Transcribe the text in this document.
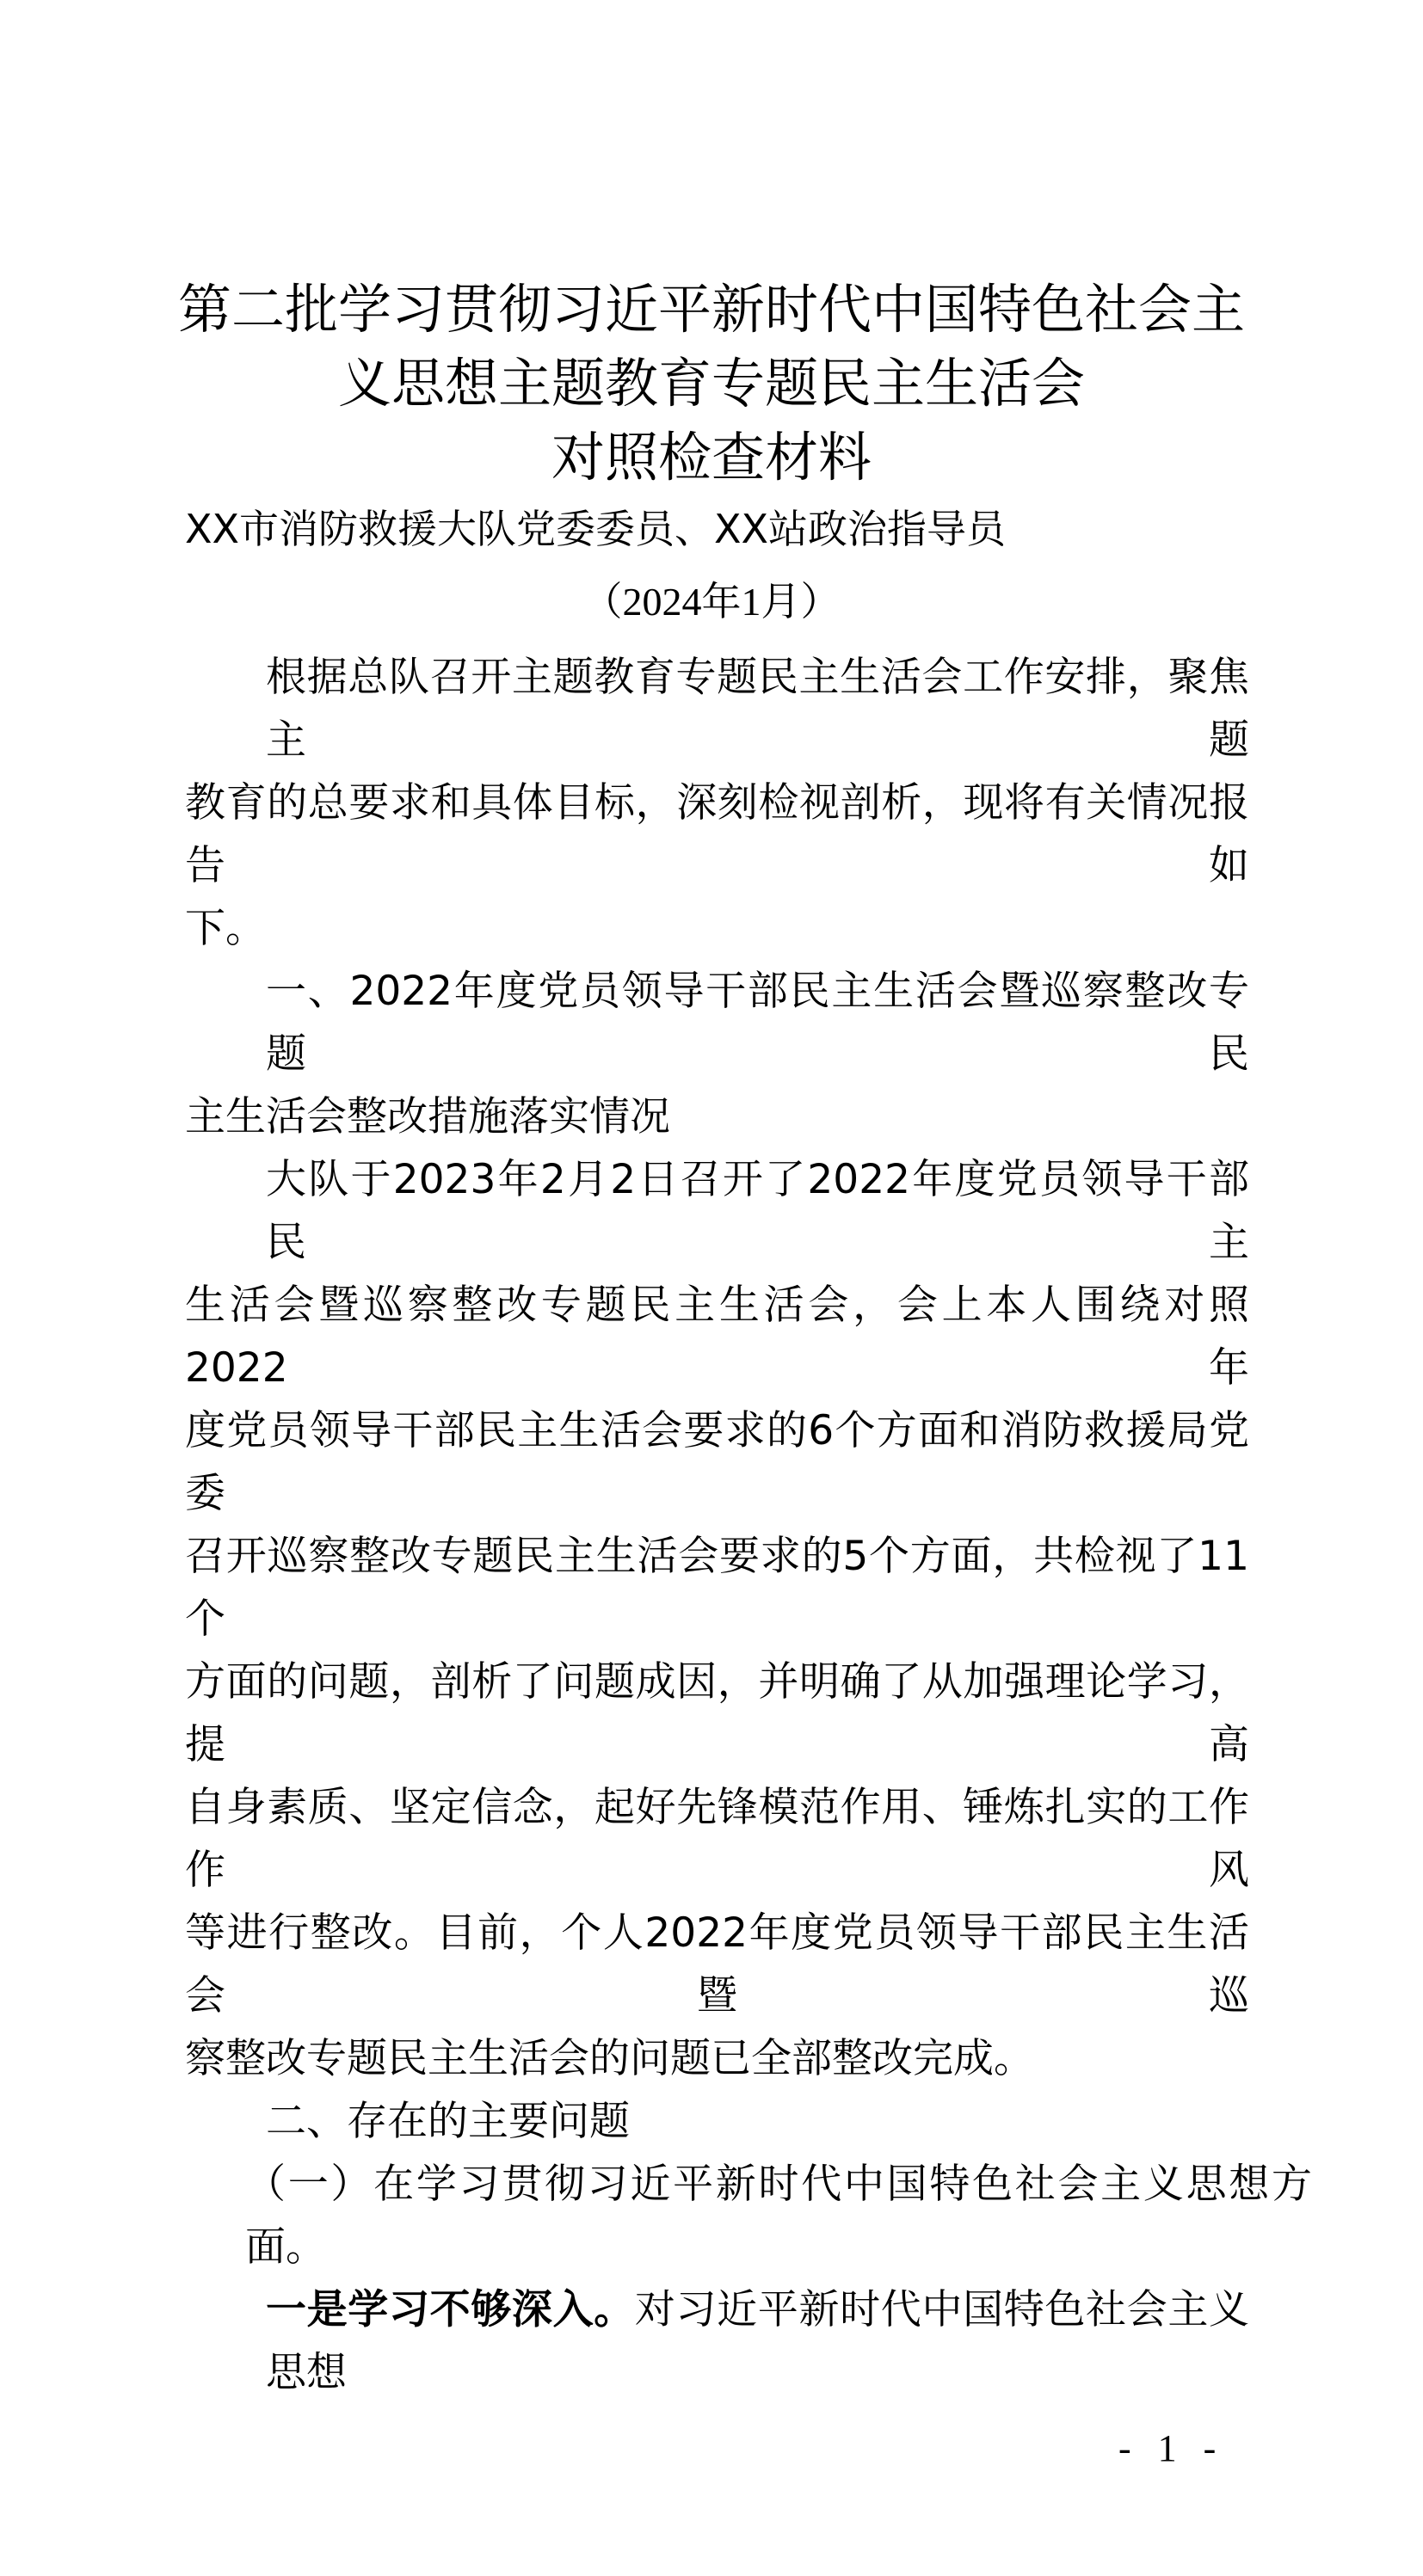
第二批学习贯彻习近平新时代中国特色社会主
义思想主题教育专题民主生活会
对照检查材料
XX市消防救援大队党委委员、XX站政治指导员
（2024年1月）
根据总队召开主题教育专题民主生活会工作安排，聚焦主题
教育的总要求和具体目标，深刻检视剖析，现将有关情况报告如
下。
一、2022年度党员领导干部民主生活会暨巡察整改专题民
主生活会整改措施落实情况
大队于2023年2月2日召开了2022年度党员领导干部民主
生活会暨巡察整改专题民主生活会，会上本人围绕对照2022年
度党员领导干部民主生活会要求的6个方面和消防救援局党委
召开巡察整改专题民主生活会要求的5个方面，共检视了11个
方面的问题，剖析了问题成因，并明确了从加强理论学习，提高
自身素质、坚定信念，起好先锋模范作用、锤炼扎实的工作作风
等进行整改。目前，个人2022年度党员领导干部民主生活会暨巡
察整改专题民主生活会的问题已全部整改完成。
二、存在的主要问题
（一）在学习贯彻习近平新时代中国特色社会主义思想方面。
一是学习不够深入。对习近平新时代中国特色社会主义思想
- 1 -
